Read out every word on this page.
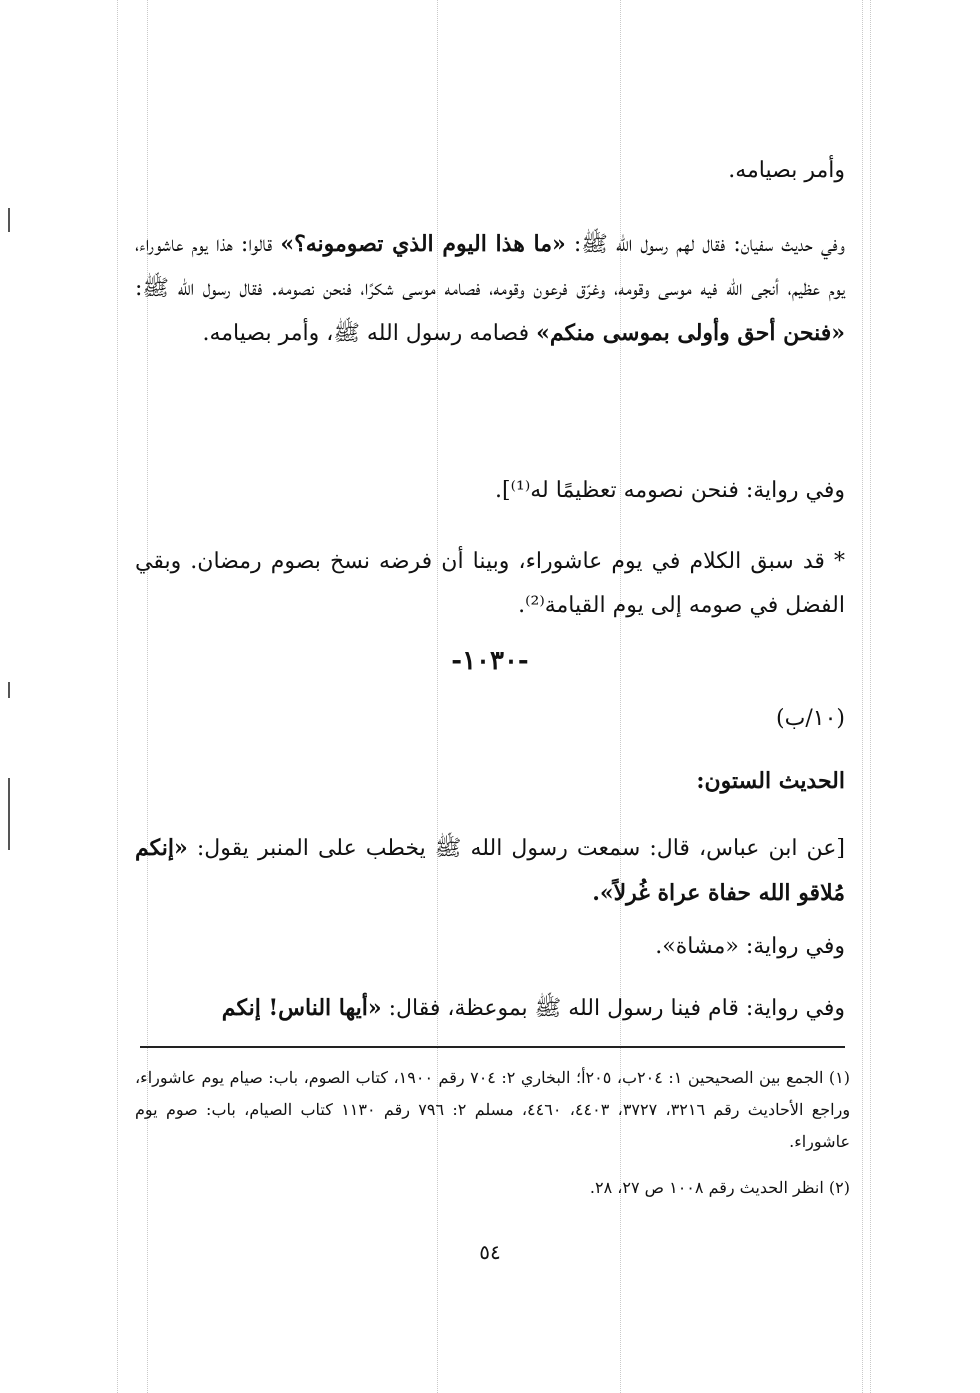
وأمر بصيامه.
وفي حديث سفيان: فقال لهم رسول الله ﷺ: «ما هذا اليوم الذي تصومونه؟» قالوا: هذا يوم عاشوراء، يوم عظيم، أنجى الله فيه موسى وقومه، وغرّق فرعون وقومه، فصامه موسى شكرًا، فنحن نصومه. فقال رسول الله ﷺ: «فنحن أحق وأولى بموسى منكم» فصامه رسول الله ﷺ، وأمر بصيامه.
وفي رواية: فنحن نصومه تعظيمًا له⁽¹⁾].
* قد سبق الكلام في يوم عاشوراء، وبينا أن فرضه نسخ بصوم رمضان. وبقي الفضل في صومه إلى يوم القيامة⁽²⁾.
-١٠٣٠-
(١٠/ب)
الحديث الستون:
[عن ابن عباس، قال: سمعت رسول الله ﷺ يخطب على المنبر يقول: «إنكم مُلاقو الله حفاة عراة غُرلاً».
وفي رواية: «مشاة».
وفي رواية: قام فينا رسول الله ﷺ بموعظة، فقال: «أيها الناس! إنكم
(١) الجمع بين الصحيحين ١: ٢٠٤ب، ٢٠٥أ؛ البخاري ٢: ٧٠٤ رقم ١٩٠٠، كتاب الصوم، باب: صيام يوم عاشوراء، وراجع الأحاديث رقم ٣٢١٦، ٣٧٢٧، ٤٤٠٣، ٤٤٦٠، مسلم ٢: ٧٩٦ رقم ١١٣٠ كتاب الصيام، باب: صوم يوم عاشوراء.
(٢) انظر الحديث رقم ١٠٠٨ ص ٢٧، ٢٨.
٥٤
